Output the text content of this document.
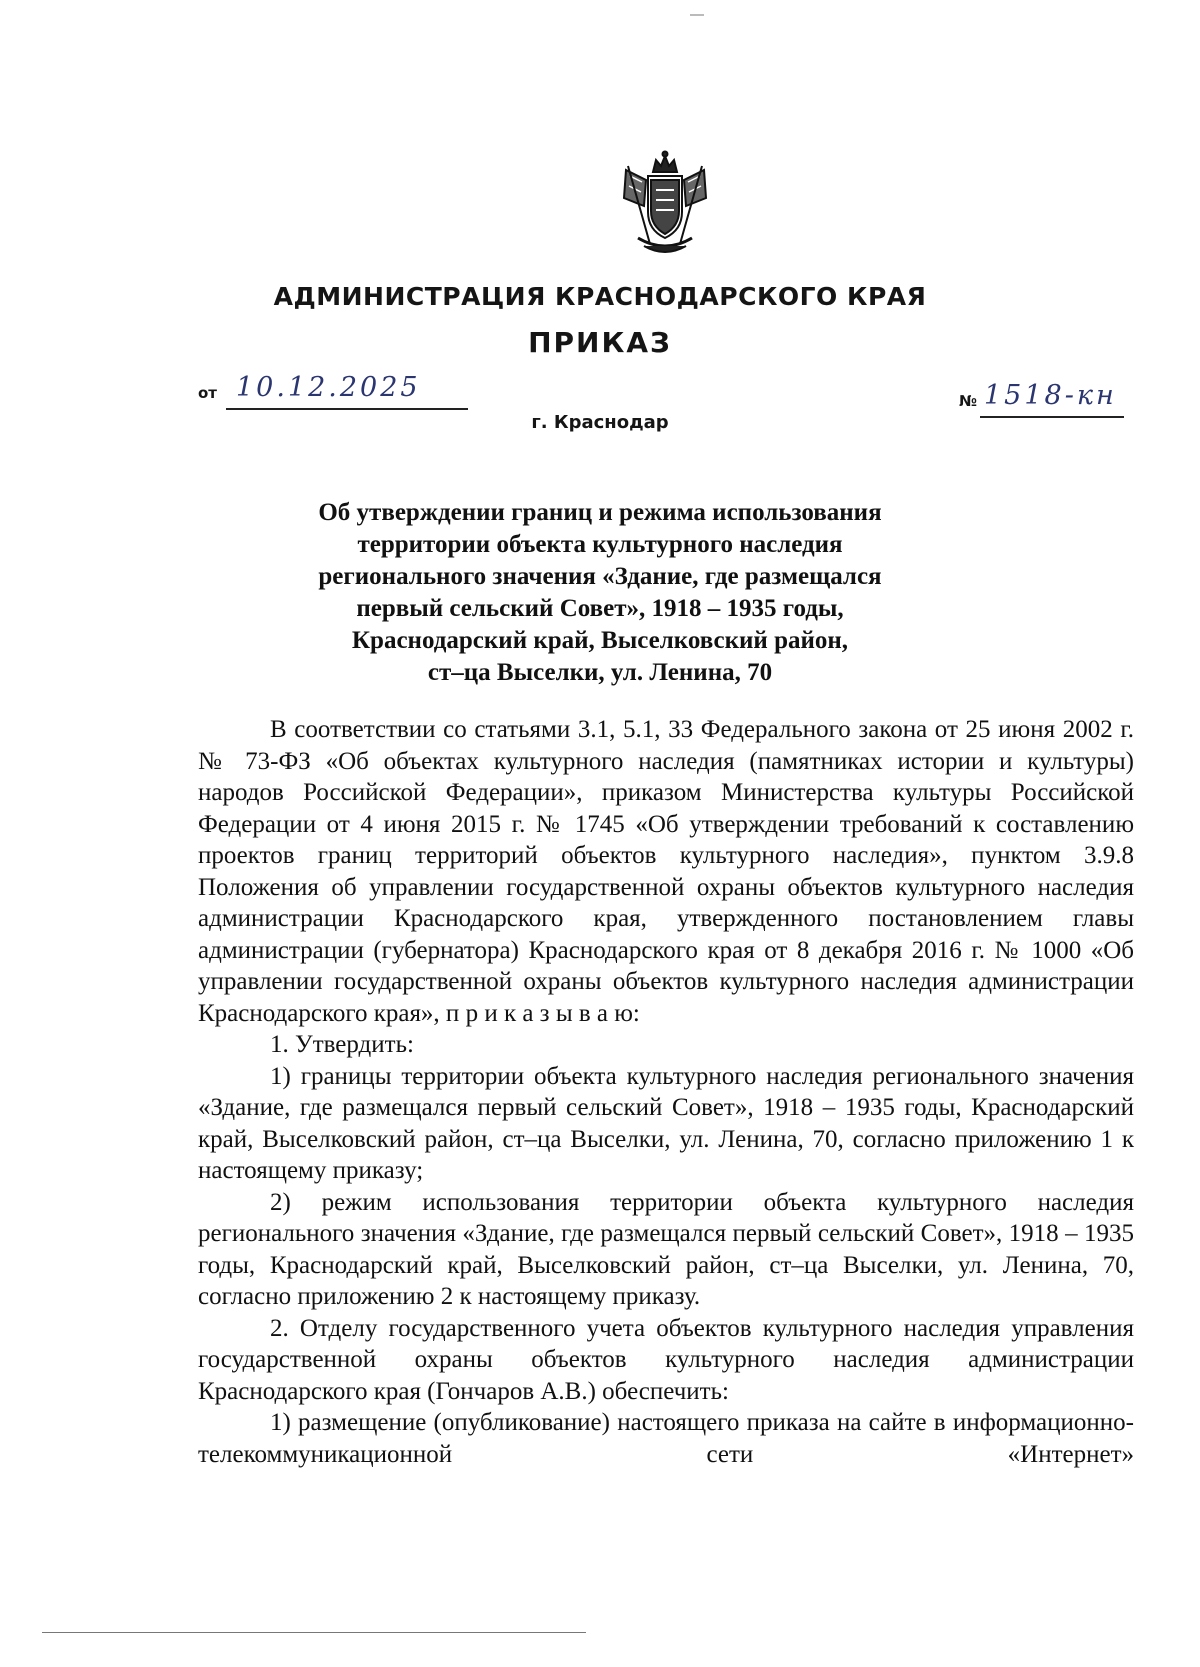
АДМИНИСТРАЦИЯ КРАСНОДАРСКОГО КРАЯ
ПРИКАЗ
от 10.12.2025	№ 1518-кн
г. Краснодар
Об утверждении границ и режима использования
территории объекта культурного наследия
регионального значения «Здание, где размещался
первый сельский Совет», 1918 – 1935 годы,
Краснодарский край, Выселковский район,
ст–ца Выселки, ул. Ленина, 70

В соответствии со статьями 3.1, 5.1, 33 Федерального закона от 25 июня 2002 г. № 73-ФЗ «Об объектах культурного наследия (памятниках истории и культуры) народов Российской Федерации», приказом Министерства культуры Российской Федерации от 4 июня 2015 г. № 1745 «Об утверждении требований к составлению проектов границ территорий объектов культурного наследия», пунктом 3.9.8 Положения об управлении государственной охраны объектов культурного наследия администрации Краснодарского края, утвержденного постановлением главы администрации (губернатора) Краснодарского края от 8 декабря 2016 г. № 1000 «Об управлении государственной охраны объектов культурного наследия администрации Краснодарского края», п р и к а з ы в а ю:

1. Утвердить:

1) границы территории объекта культурного наследия регионального значения «Здание, где размещался первый сельский Совет», 1918 – 1935 годы, Краснодарский край, Выселковский район, ст–ца Выселки, ул. Ленина, 70, согласно приложению 1 к настоящему приказу;

2) режим использования территории объекта культурного наследия регионального значения «Здание, где размещался первый сельский Совет», 1918 – 1935 годы, Краснодарский край, Выселковский район, ст–ца Выселки, ул. Ленина, 70, согласно приложению 2 к настоящему приказу.

2. Отделу государственного учета объектов культурного наследия управления государственной охраны объектов культурного наследия администрации Краснодарского края (Гончаров А.В.) обеспечить:

1) размещение (опубликование) настоящего приказа на сайте в информационно-телекоммуникационной сети «Интернет»
